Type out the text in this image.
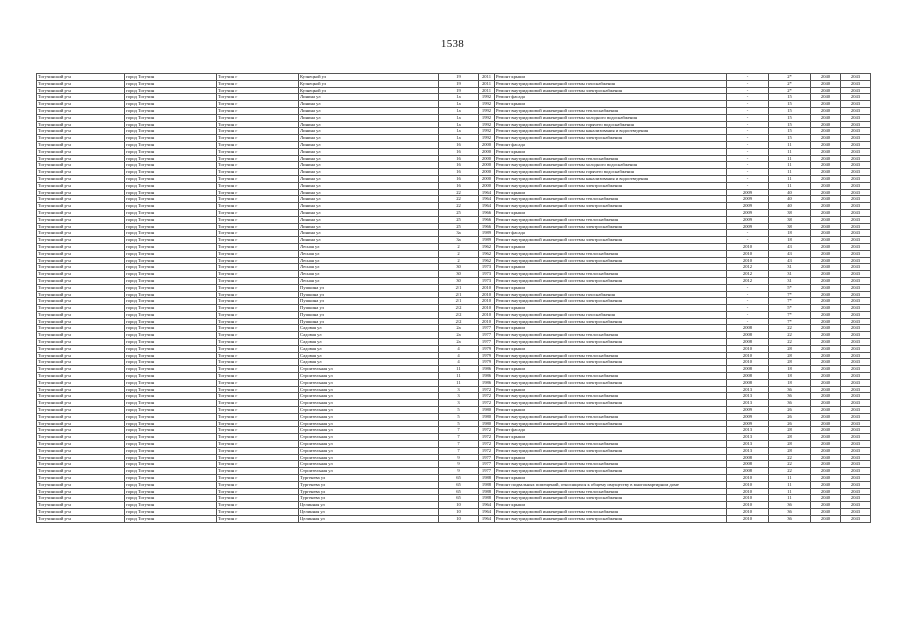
1538
Тогучинский р-н	город Тогучин	Тогучин г	Кузнецкой ул	19	2011	Ремонт крыши	-	2*	2040	2043
Тогучинский р-н	город Тогучин	Тогучин г	Кузнецкой ул	19	2011	Ремонт внутридомовой инженерной системы газоснабжения	-	2*	2040	2043
Тогучинский р-н	город Тогучин	Тогучин г	Кузнецкой ул	19	2011	Ремонт внутридомовой инженерной системы электроснабжения	-	2*	2040	2043
Тогучинский р-н	город Тогучин	Тогучин г	Линина ул	1а	1992	Ремонт фасада	-	15	2040	2043
Тогучинский р-н	город Тогучин	Тогучин г	Линина ул	1а	1992	Ремонт крыши	-	15	2040	2043
Тогучинский р-н	город Тогучин	Тогучин г	Линина ул	1а	1992	Ремонт внутридомовой инженерной системы теплоснабжения	-	15	2040	2043
Тогучинский р-н	город Тогучин	Тогучин г	Линина ул	1а	1992	Ремонт внутридомовой инженерной системы холодного водоснабжения	-	15	2040	2043
Тогучинский р-н	город Тогучин	Тогучин г	Линина ул	1а	1992	Ремонт внутридомовой инженерной системы горячего водоснабжения	-	15	2040	2043
Тогучинский р-н	город Тогучин	Тогучин г	Линина ул	1а	1992	Ремонт внутридомовой инженерной системы канализования и водоотведения	-	15	2040	2043
Тогучинский р-н	город Тогучин	Тогучин г	Линина ул	1а	1992	Ремонт внутридомовой инженерной системы электроснабжения	-	15	2040	2043
Тогучинский р-н	город Тогучин	Тогучин г	Линина ул	16	2000	Ремонт фасада	-	11	2040	2043
Тогучинский р-н	город Тогучин	Тогучин г	Линина ул	16	2000	Ремонт крыши	-	11	2040	2043
Тогучинский р-н	город Тогучин	Тогучин г	Линина ул	16	2000	Ремонт внутридомовой инженерной системы теплоснабжения	-	11	2040	2043
Тогучинский р-н	город Тогучин	Тогучин г	Линина ул	16	2000	Ремонт внутридомовой инженерной системы холодного водоснабжения	-	11	2040	2043
Тогучинский р-н	город Тогучин	Тогучин г	Линина ул	16	2000	Ремонт внутридомовой инженерной системы горячего водоснабжения	-	11	2040	2043
Тогучинский р-н	город Тогучин	Тогучин г	Линина ул	16	2000	Ремонт внутридомовой инженерной системы канализования и водоотведения	-	11	2040	2043
Тогучинский р-н	город Тогучин	Тогучин г	Линина ул	16	2000	Ремонт внутридомовой инженерной системы электроснабжения	-	11	2040	2043
Тогучинский р-н	город Тогучин	Тогучин г	Линина ул	22	1964	Ремонт крыши	2009	40	2040	2043
Тогучинский р-н	город Тогучин	Тогучин г	Линина ул	22	1964	Ремонт внутридомовой инженерной системы теплоснабжения	2009	40	2040	2043
Тогучинский р-н	город Тогучин	Тогучин г	Линина ул	22	1964	Ремонт внутридомовой инженерной системы электроснабжения	2009	40	2040	2043
Тогучинский р-н	город Тогучин	Тогучин г	Линина ул	25	1966	Ремонт крыши	2009	38	2040	2043
Тогучинский р-н	город Тогучин	Тогучин г	Линина ул	25	1966	Ремонт внутридомовой инженерной системы теплоснабжения	2009	38	2040	2043
Тогучинский р-н	город Тогучин	Тогучин г	Линина ул	25	1966	Ремонт внутридомовой инженерной системы электроснабжения	2009	38	2040	2043
Тогучинский р-н	город Тогучин	Тогучин г	Линина ул	3а	1989	Ремонт фасада	-	18	2040	2043
Тогучинский р-н	город Тогучин	Тогучин г	Линина ул	3а	1989	Ремонт внутридомовой инженерной системы электроснабжения	-	18	2040	2043
Тогучинский р-н	город Тогучин	Тогучин г	Лесная ул	2	1962	Ремонт крыши	2010	43	2040	2043
Тогучинский р-н	город Тогучин	Тогучин г	Лесная ул	2	1962	Ремонт внутридомовой инженерной системы теплоснабжения	2010	43	2040	2043
Тогучинский р-н	город Тогучин	Тогучин г	Лесная ул	2	1962	Ремонт внутридомовой инженерной системы электроснабжения	2010	43	2040	2043
Тогучинский р-н	город Тогучин	Тогучин г	Лесная ул	30	1973	Ремонт крыши	2012	31	2040	2043
Тогучинский р-н	город Тогучин	Тогучин г	Лесная ул	30	1973	Ремонт внутридомовой инженерной системы теплоснабжения	2012	31	2040	2043
Тогучинский р-н	город Тогучин	Тогучин г	Лесная ул	30	1973	Ремонт внутридомовой инженерной системы электроснабжения	2012	31	2040	2043
Тогучинский р-н	город Тогучин	Тогучин г	Пушкина ул	2/1	2010	Ремонт крыши	-	5*	2040	2043
Тогучинский р-н	город Тогучин	Тогучин г	Пушкина ул	2/1	2010	Ремонт внутридомовой инженерной системы газоснабжения	-	7*	2040	2043
Тогучинский р-н	город Тогучин	Тогучин г	Пушкина ул	2/1	2010	Ремонт внутридомовой инженерной системы электроснабжения	-	7*	2040	2043
Тогучинский р-н	город Тогучин	Тогучин г	Пушкина ул	2/2	2010	Ремонт крыши	-	5*	2040	2043
Тогучинский р-н	город Тогучин	Тогучин г	Пушкина ул	2/2	2010	Ремонт внутридомовой инженерной системы газоснабжения	-	7*	2040	2043
Тогучинский р-н	город Тогучин	Тогучин г	Пушкина ул	2/2	2010	Ремонт внутридомовой инженерной системы электроснабжения	-	7*	2040	2043
Тогучинский р-н	город Тогучин	Тогучин г	Садовая ул	2а	1977	Ремонт крыши	2008	22	2040	2043
Тогучинский р-н	город Тогучин	Тогучин г	Садовая ул	2а	1977	Ремонт внутридомовой инженерной системы теплоснабжения	2008	22	2040	2043
Тогучинский р-н	город Тогучин	Тогучин г	Садовая ул	2а	1977	Ремонт внутридомовой инженерной системы электроснабжения	2008	22	2040	2043
Тогучинский р-н	город Тогучин	Тогучин г	Садовая ул	4	1979	Ремонт крыши	2010	28	2040	2043
Тогучинский р-н	город Тогучин	Тогучин г	Садовая ул	4	1979	Ремонт внутридомовой инженерной системы теплоснабжения	2010	28	2040	2043
Тогучинский р-н	город Тогучин	Тогучин г	Садовая ул	4	1979	Ремонт внутридомовой инженерной системы электроснабжения	2010	28	2040	2043
Тогучинский р-н	город Тогучин	Тогучин г	Строительная ул	11	1986	Ремонт крыши	2008	18	2040	2043
Тогучинский р-н	город Тогучин	Тогучин г	Строительная ул	11	1986	Ремонт внутридомовой инженерной системы теплоснабжения	2008	18	2040	2043
Тогучинский р-н	город Тогучин	Тогучин г	Строительная ул	11	1986	Ремонт внутридомовой инженерной системы электроснабжения	2008	18	2040	2043
Тогучинский р-н	город Тогучин	Тогучин г	Строительная ул	3	1972	Ремонт крыши	2013	36	2040	2043
Тогучинский р-н	город Тогучин	Тогучин г	Строительная ул	3	1972	Ремонт внутридомовой инженерной системы теплоснабжения	2013	36	2040	2043
Тогучинский р-н	город Тогучин	Тогучин г	Строительная ул	3	1972	Ремонт внутридомовой инженерной системы электроснабжения	2013	36	2040	2043
Тогучинский р-н	город Тогучин	Тогучин г	Строительная ул	5	1980	Ремонт крыши	2009	26	2040	2043
Тогучинский р-н	город Тогучин	Тогучин г	Строительная ул	5	1980	Ремонт внутридомовой инженерной системы теплоснабжения	2009	26	2040	2043
Тогучинский р-н	город Тогучин	Тогучин г	Строительная ул	5	1980	Ремонт внутридомовой инженерной системы электроснабжения	2009	26	2040	2043
Тогучинский р-н	город Тогучин	Тогучин г	Строительная ул	7	1972	Ремонт фасада	2013	28	2040	2043
Тогучинский р-н	город Тогучин	Тогучин г	Строительная ул	7	1972	Ремонт крыши	2013	28	2040	2043
Тогучинский р-н	город Тогучин	Тогучин г	Строительная ул	7	1972	Ремонт внутридомовой инженерной системы теплоснабжения	2013	28	2040	2043
Тогучинский р-н	город Тогучин	Тогучин г	Строительная ул	7	1972	Ремонт внутридомовой инженерной системы электроснабжения	2013	28	2040	2043
Тогучинский р-н	город Тогучин	Тогучин г	Строительная ул	9	1977	Ремонт крыши	2008	22	2040	2043
Тогучинский р-н	город Тогучин	Тогучин г	Строительная ул	9	1977	Ремонт внутридомовой инженерной системы теплоснабжения	2008	22	2040	2043
Тогучинский р-н	город Тогучин	Тогучин г	Строительная ул	9	1977	Ремонт внутридомовой инженерной системы электроснабжения	2008	22	2040	2043
Тогучинский р-н	город Тогучин	Тогучин г	Тургенева ул	65	1988	Ремонт крыши	2010	11	2040	2043
Тогучинский р-н	город Тогучин	Тогучин г	Тургенева ул	65	1988	Ремонт подвальных помещений, относящихся к общему имуществу в многоквартирном доме	2010	11	2040	2043
Тогучинский р-н	город Тогучин	Тогучин г	Тургенева ул	65	1988	Ремонт внутридомовой инженерной системы теплоснабжения	2010	11	2040	2043
Тогучинский р-н	город Тогучин	Тогучин г	Тургенева ул	65	1988	Ремонт внутридомовой инженерной системы электроснабжения	2010	11	2040	2043
Тогучинский р-н	город Тогучин	Тогучин г	Целинная ул	10	1964	Ремонт крыши	2010	36	2040	2043
Тогучинский р-н	город Тогучин	Тогучин г	Целинная ул	10	1964	Ремонт внутридомовой инженерной системы теплоснабжения	2010	36	2040	2043
Тогучинский р-н	город Тогучин	Тогучин г	Целинная ул	10	1964	Ремонт внутридомовой инженерной системы электроснабжения	2010	36	2040	2043
